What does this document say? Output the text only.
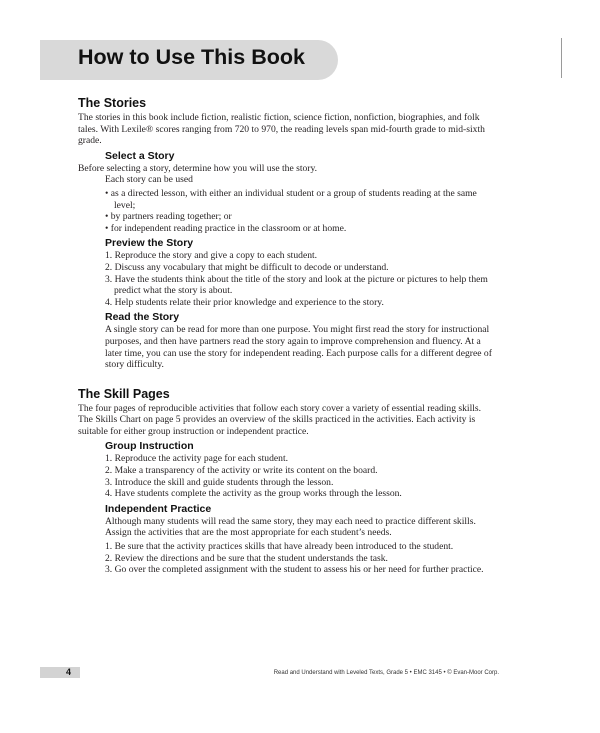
How to Use This Book
The Stories

The stories in this book include fiction, realistic fiction, science fiction, nonfiction, biographies, and folk tales. With Lexile® scores ranging from 720 to 970, the reading levels span mid-fourth grade to mid-sixth grade.

Select a Story

Before selecting a story, determine how you will use the story.

Each story can be used

• as a directed lesson, with either an individual student or a group of students reading at the same level;
• by partners reading together; or
• for independent reading practice in the classroom or at home.
Preview the Story
1. Reproduce the story and give a copy to each student.
2. Discuss any vocabulary that might be difficult to decode or understand.
3. Have the students think about the title of the story and look at the picture or pictures to help them predict what the story is about.
4. Help students relate their prior knowledge and experience to the story.
Read the Story

A single story can be read for more than one purpose. You might first read the story for instructional purposes, and then have partners read the story again to improve comprehension and fluency. At a later time, you can use the story for independent reading. Each purpose calls for a different degree of story difficulty.

The Skill Pages

The four pages of reproducible activities that follow each story cover a variety of essential reading skills. The Skills Chart on page 5 provides an overview of the skills practiced in the activities. Each activity is suitable for either group instruction or independent practice.

Group Instruction
1. Reproduce the activity page for each student.
2. Make a transparency of the activity or write its content on the board.
3. Introduce the skill and guide students through the lesson.
4. Have students complete the activity as the group works through the lesson.
Independent Practice

Although many students will read the same story, they may each need to practice different skills. Assign the activities that are the most appropriate for each student’s needs.

1. Be sure that the activity practices skills that have already been introduced to the student.
2. Review the directions and be sure that the student understands the task.
3. Go over the completed assignment with the student to assess his or her need for further practice.
4	Read and Understand with Leveled Texts, Grade 5 • EMC 3145 • © Evan-Moor Corp.
